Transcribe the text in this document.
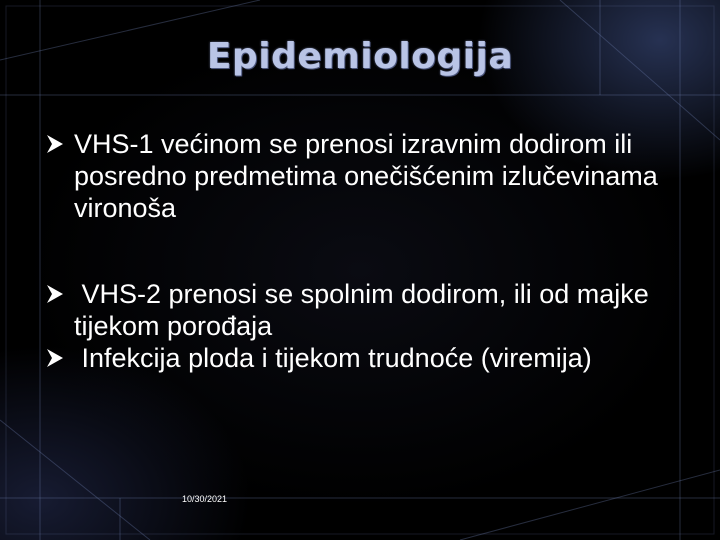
Epidemiologija
VHS-1 većinom se prenosi izravnim dodirom ili posredno predmetima onečišćenim izlučevinama vironoša
VHS-2 prenosi se spolnim dodirom, ili od majke tijekom porođaja
Infekcija ploda i tijekom trudnoće (viremija)
10/30/2021
